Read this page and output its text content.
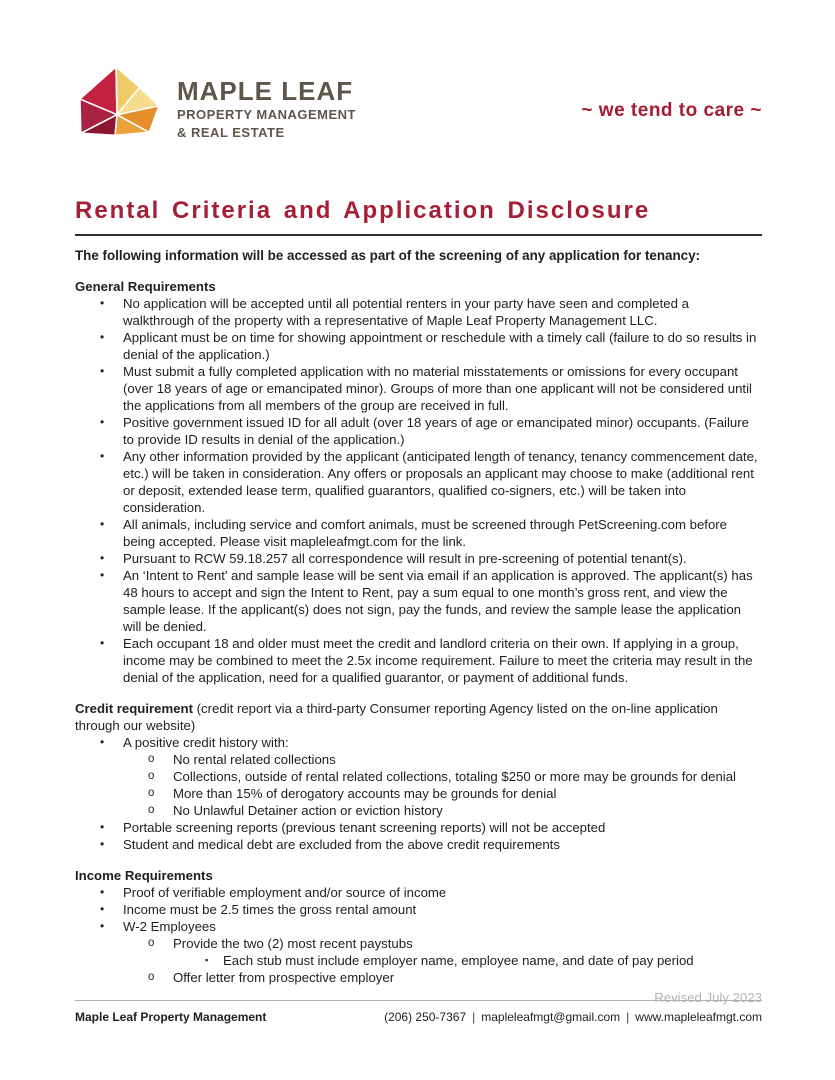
MAPLE LEAF
PROPERTY MANAGEMENT
& REAL ESTATE
~ we tend to care ~
Rental Criteria and Application Disclosure
The following information will be accessed as part of the screening of any application for tenancy:
General Requirements
•	No application will be accepted until all potential renters in your party have seen and completed a walkthrough of the property with a representative of Maple Leaf Property Management LLC.
•	Applicant must be on time for showing appointment or reschedule with a timely call (failure to do so results in denial of the application.)
•	Must submit a fully completed application with no material misstatements or omissions for every occupant (over 18 years of age or emancipated minor). Groups of more than one applicant will not be considered until the applications from all members of the group are received in full.
•	Positive government issued ID for all adult (over 18 years of age or emancipated minor) occupants. (Failure to provide ID results in denial of the application.)
•	Any other information provided by the applicant (anticipated length of tenancy, tenancy commencement date, etc.) will be taken in consideration. Any offers or proposals an applicant may choose to make (additional rent or deposit, extended lease term, qualified guarantors, qualified co-signers, etc.) will be taken into consideration.
•	All animals, including service and comfort animals, must be screened through PetScreening.com before being accepted. Please visit mapleleafmgt.com for the link.
•	Pursuant to RCW 59.18.257 all correspondence will result in pre-screening of potential tenant(s).
•	An ‘Intent to Rent’ and sample lease will be sent via email if an application is approved. The applicant(s) has 48 hours to accept and sign the Intent to Rent, pay a sum equal to one month’s gross rent, and view the sample lease. If the applicant(s) does not sign, pay the funds, and review the sample lease the application will be denied.
•	Each occupant 18 and older must meet the credit and landlord criteria on their own. If applying in a group, income may be combined to meet the 2.5x income requirement. Failure to meet the criteria may result in the denial of the application, need for a qualified guarantor, or payment of additional funds.
Credit requirement (credit report via a third-party Consumer reporting Agency listed on the on-line application through our website)
•	A positive credit history with:
o	No rental related collections
o	Collections, outside of rental related collections, totaling $250 or more may be grounds for denial
o	More than 15% of derogatory accounts may be grounds for denial
o	No Unlawful Detainer action or eviction history
•	Portable screening reports (previous tenant screening reports) will not be accepted
•	Student and medical debt are excluded from the above credit requirements
Income Requirements
•	Proof of verifiable employment and/or source of income
•	Income must be 2.5 times the gross rental amount
•	W-2 Employees
o	Provide the two (2) most recent paystubs
▪	Each stub must include employer name, employee name, and date of pay period
o	Offer letter from prospective employer
Revised July 2023
Maple Leaf Property Management	(206) 250-7367 | mapleleafmgt@gmail.com | www.mapleleafmgt.com
